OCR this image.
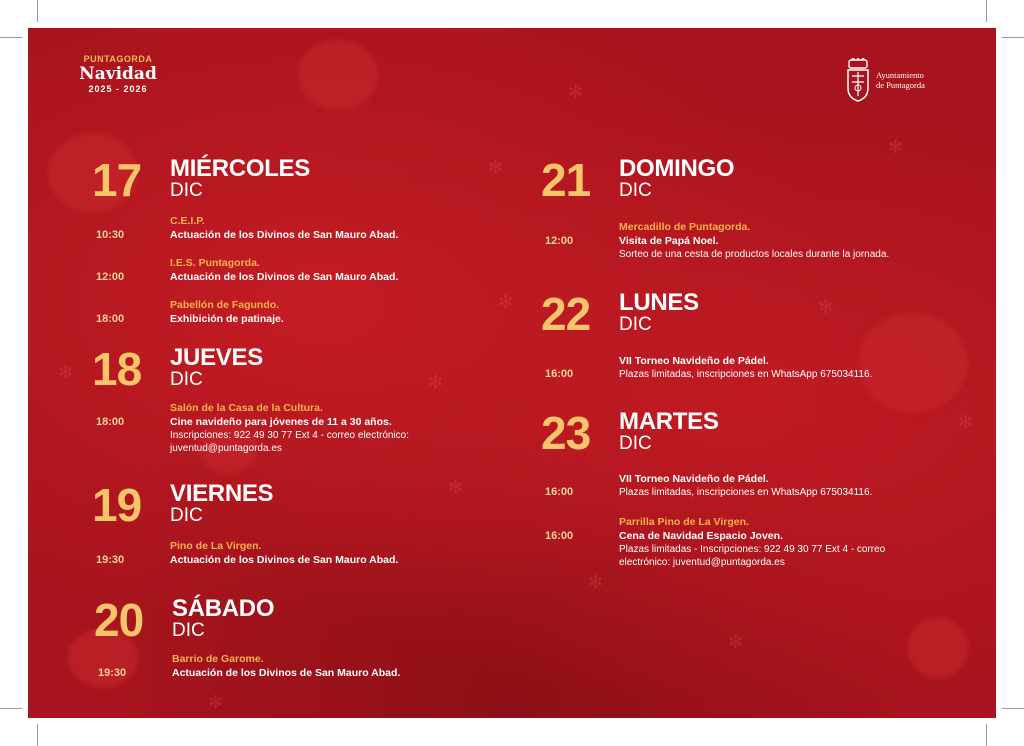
✻
✻
✻
✻	✻
✻
✻
✻
✻
✻
✻
✻
PUNTAGORDA
Navidad
2025 - 2026
Ayuntamiento
de Puntagorda
17 MIÉRCOLES
DIC
10:30
C.E.I.P.
Actuación de los Divinos de San Mauro Abad.
12:00
I.E.S. Puntagorda.
Actuación de los Divinos de San Mauro Abad.
18:00
Pabellón de Fagundo.
Exhibición de patinaje.
18 JUEVES
DIC
18:00
Salón de la Casa de la Cultura.
Cine navideño para jóvenes de 11 a 30 años.
Inscripciones: 922 49 30 77 Ext 4 - correo electrónico: juventud@puntagorda.es
19 VIERNES
DIC
19:30
Pino de La Virgen.
Actuación de los Divinos de San Mauro Abad.
20 SÁBADO
DIC
19:30
Barrio de Garome.
Actuación de los Divinos de San Mauro Abad.
21 DOMINGO
DIC
12:00
Mercadillo de Puntagorda.
Visita de Papá Noel.
Sorteo de una cesta de productos locales durante la jornada.
22 LUNES
DIC
16:00
VII Torneo Navideño de Pádel.
Plazas limitadas, inscripciones en WhatsApp 675034116.
23 MARTES
DIC
16:00
VII Torneo Navideño de Pádel.
Plazas limitadas, inscripciones en WhatsApp 675034116.
16:00
Parrilla Pino de La Virgen.
Cena de Navidad Espacio Joven.
Plazas limitadas - Inscripciones: 922 49 30 77 Ext 4 - correo electrónico: juventud@puntagorda.es
